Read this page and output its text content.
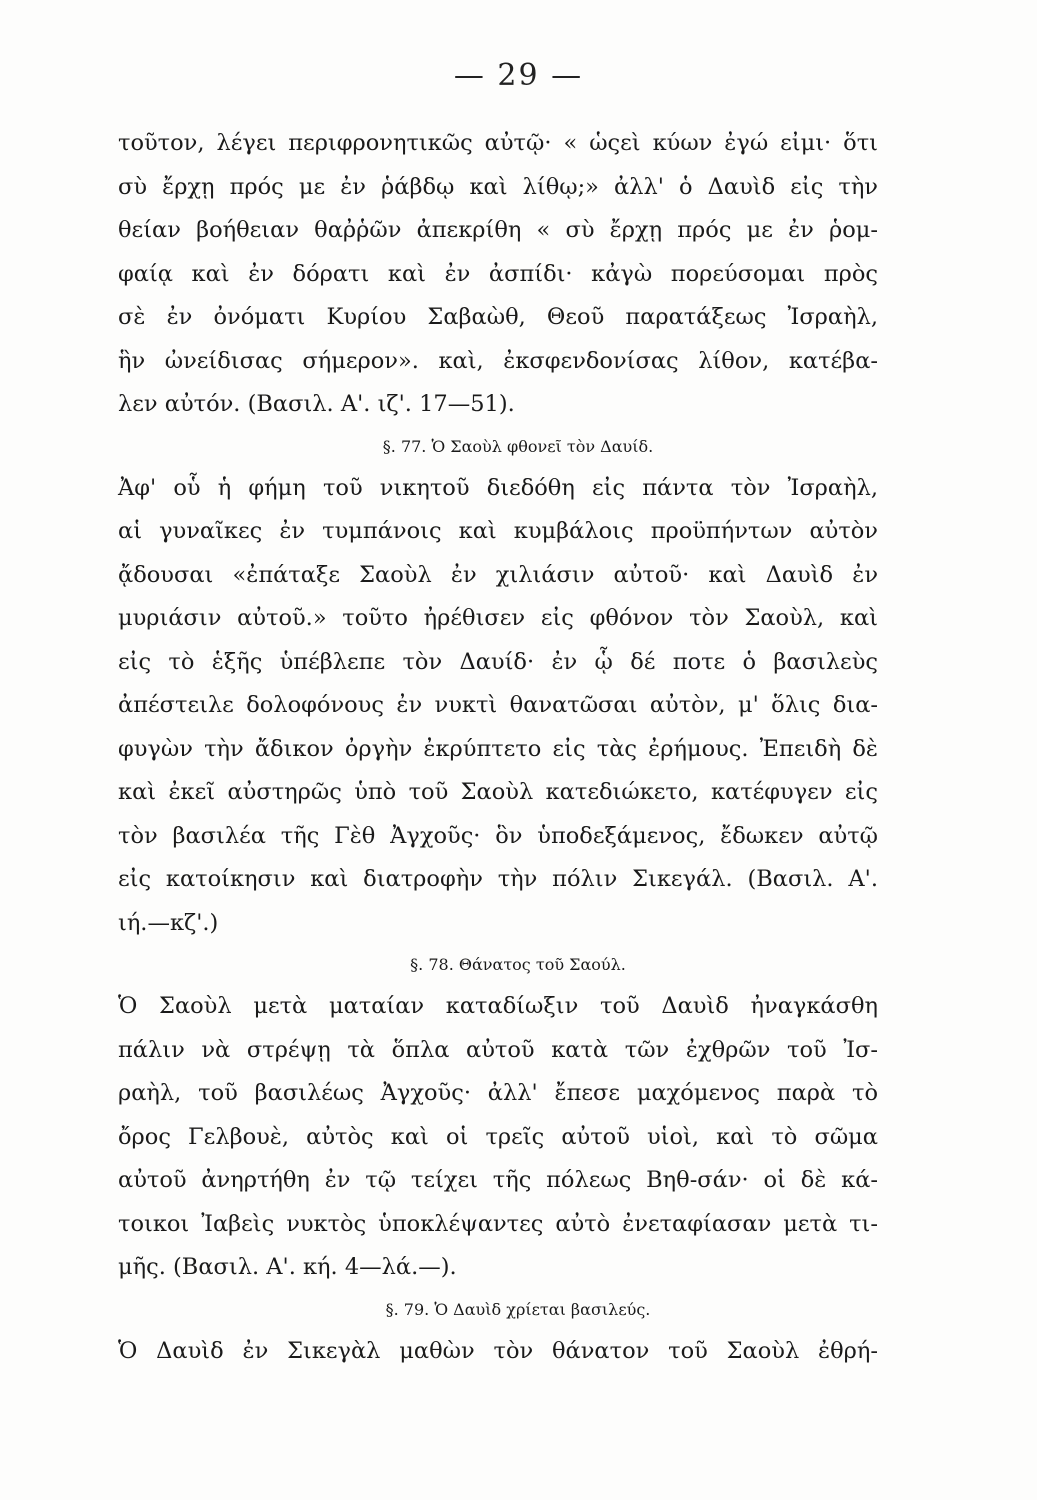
— 29 —
τοῦτον, λέγει περιφρονητικῶς αὐτῷ· « ὡςεὶ κύων ἐγώ εἰμι· ὅτι
σὺ ἔρχῃ πρός με ἐν ῥάβδῳ καὶ λίθῳ;» ἀλλ' ὁ Δαυὶδ εἰς τὴν
θείαν βοήθειαν θαῤῥῶν ἀπεκρίθη « σὺ ἔρχῃ πρός με ἐν ῥομ-
φαίᾳ καὶ ἐν δόρατι καὶ ἐν ἀσπίδι· κἀγὼ πορεύσομαι πρὸς
σὲ ἐν ὀνόματι Κυρίου Σαβαὼθ, Θεοῦ παρατάξεως Ἰσραὴλ,
ἣν ὠνείδισας σήμερον». καὶ, ἐκσφενδονίσας λίθον, κατέβα-
λεν αὐτόν. (Βασιλ. Α'. ιζ'. 17—51).
§. 77. Ὁ Σαοὺλ φθονεῖ τὸν Δαυίδ.
Ἀφ' οὗ ἡ φήμη τοῦ νικητοῦ διεδόθη εἰς πάντα τὸν Ἰσραὴλ,
αἱ γυναῖκες ἐν τυμπάνοις καὶ κυμβάλοις προϋπήντων αὐτὸν
ᾄδουσαι «ἐπάταξε Σαοὺλ ἐν χιλιάσιν αὐτοῦ· καὶ Δαυὶδ ἐν
μυριάσιν αὐτοῦ.» τοῦτο ἠρέθισεν εἰς φθόνον τὸν Σαοὺλ, καὶ
εἰς τὸ ἑξῆς ὑπέβλεπε τὸν Δαυίδ· ἐν ᾧ δέ ποτε ὁ βασιλεὺς
ἀπέστειλε δολοφόνους ἐν νυκτὶ θανατῶσαι αὐτὸν, μ' ὅλις δια-
φυγὼν τὴν ἄδικον ὀργὴν ἐκρύπτετο εἰς τὰς ἐρήμους. Ἐπειδὴ δὲ
καὶ ἐκεῖ αὐστηρῶς ὑπὸ τοῦ Σαοὺλ κατεδιώκετο, κατέφυγεν εἰς
τὸν βασιλέα τῆς Γὲθ Ἀγχοῦς· ὃν ὑποδεξάμενος, ἔδωκεν αὐτῷ
εἰς κατοίκησιν καὶ διατροφὴν τὴν πόλιν Σικεγάλ. (Βασιλ. Α'.
ιή.—κζ'.)
§. 78. Θάνατος τοῦ Σαούλ.
Ὁ Σαοὺλ μετὰ ματαίαν καταδίωξιν τοῦ Δαυὶδ ἠναγκάσθη
πάλιν νὰ στρέψῃ τὰ ὅπλα αὐτοῦ κατὰ τῶν ἐχθρῶν τοῦ Ἰσ-
ραὴλ, τοῦ βασιλέως Ἀγχοῦς· ἀλλ' ἔπεσε μαχόμενος παρὰ τὸ
ὄρος Γελβουὲ, αὐτὸς καὶ οἱ τρεῖς αὐτοῦ υἱοὶ, καὶ τὸ σῶμα
αὐτοῦ ἀνηρτήθη ἐν τῷ τείχει τῆς πόλεως Βηθ-σάν· οἱ δὲ κά-
τοικοι Ἰαβεὶς νυκτὸς ὑποκλέψαντες αὐτὸ ἐνεταφίασαν μετὰ τι-
μῆς. (Βασιλ. Α'. κή. 4—λά.—).
§. 79. Ὁ Δαυὶδ χρίεται βασιλεύς.
Ὁ Δαυὶδ ἐν Σικεγὰλ μαθὼν τὸν θάνατον τοῦ Σαοὺλ ἐθρή-
